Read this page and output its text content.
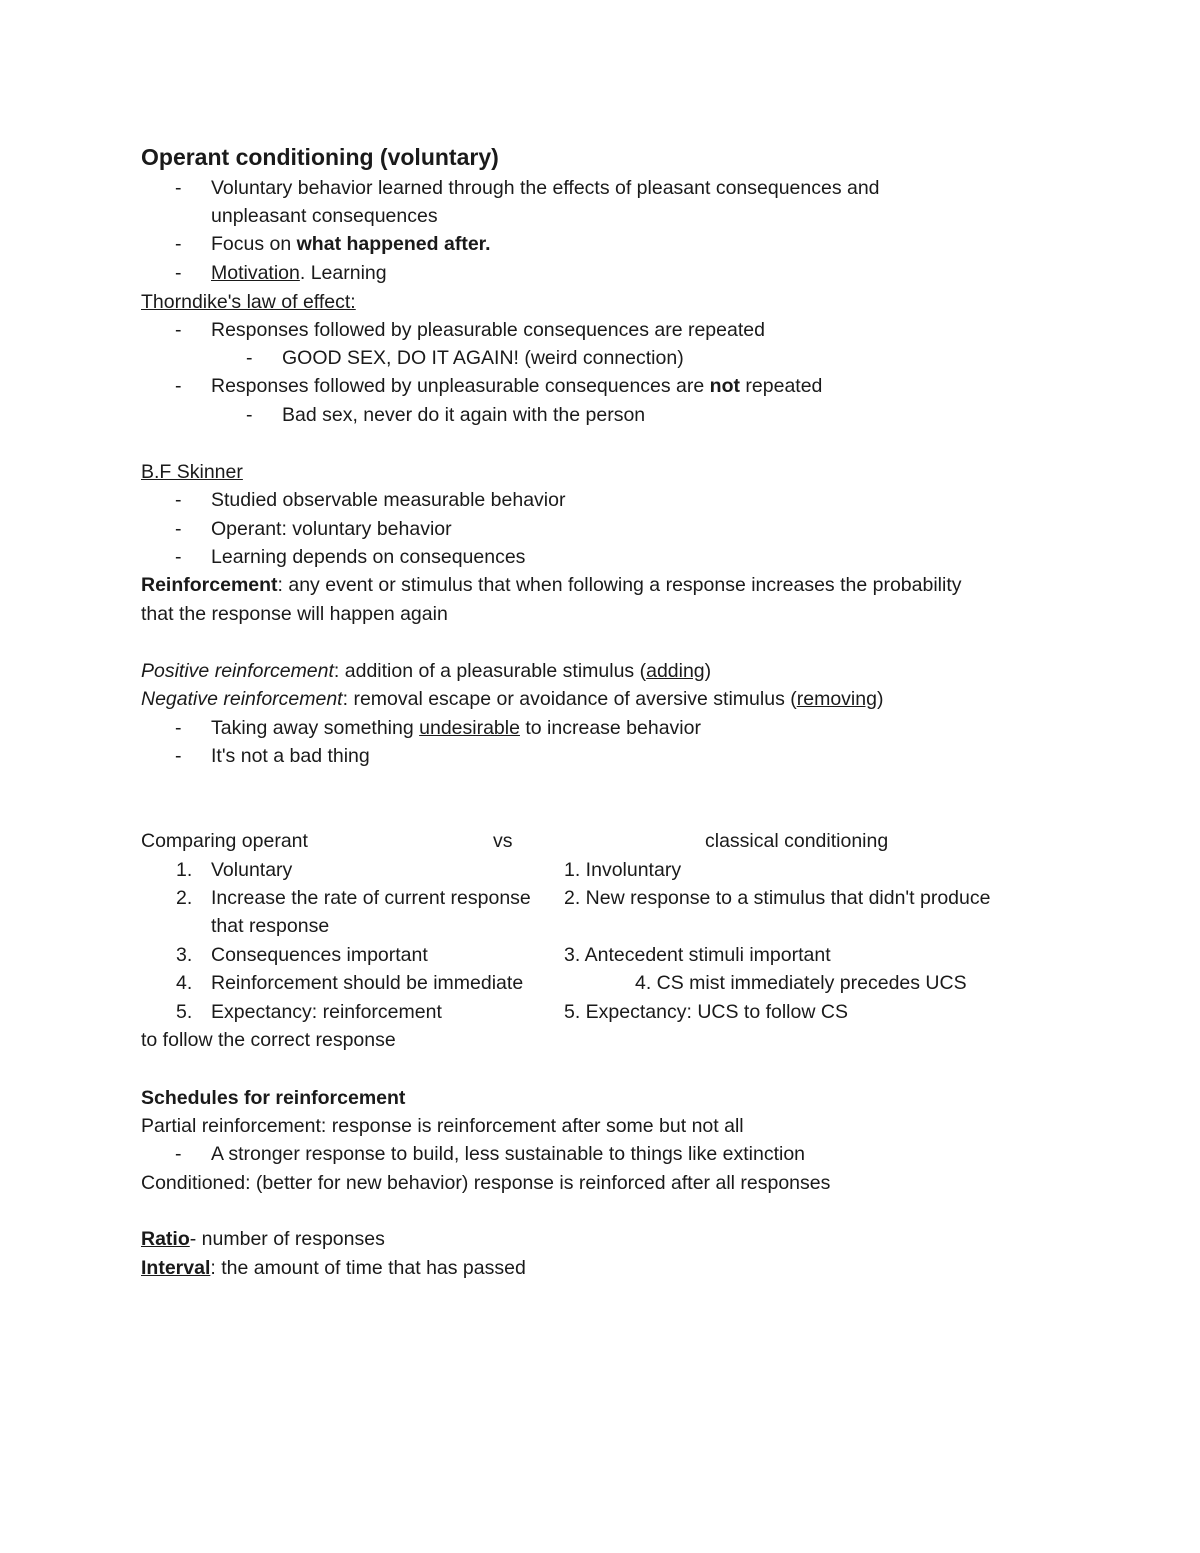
Operant conditioning (voluntary)
- Voluntary behavior learned through the effects of pleasant consequences and
unpleasant consequences
- Focus on what happened after.
- Motivation. Learning
Thorndike's law of effect:
- Responses followed by pleasurable consequences are repeated
- GOOD SEX, DO IT AGAIN! (weird connection)
- Responses followed by unpleasurable consequences are not repeated
- Bad sex, never do it again with the person
B.F Skinner
- Studied observable measurable behavior
- Operant: voluntary behavior
- Learning depends on consequences
Reinforcement: any event or stimulus that when following a response increases the probability
that the response will happen again
Positive reinforcement: addition of a pleasurable stimulus (adding)
Negative reinforcement: removal escape or avoidance of aversive stimulus (removing)
- Taking away something undesirable to increase behavior
- It's not a bad thing
Comparing operant	vs	classical conditioning
1. Voluntary	1. Involuntary
2. Increase the rate of current response 2. New response to a stimulus that didn't produce
that response
3. Consequences important	3. Antecedent stimuli important
4. Reinforcement should be immediate	4. CS mist immediately precedes UCS
5. Expectancy: reinforcement	5. Expectancy: UCS to follow CS
to follow the correct response
Schedules for reinforcement
Partial reinforcement: response is reinforcement after some but not all
- A stronger response to build, less sustainable to things like extinction
Conditioned: (better for new behavior) response is reinforced after all responses
Ratio- number of responses
Interval: the amount of time that has passed
